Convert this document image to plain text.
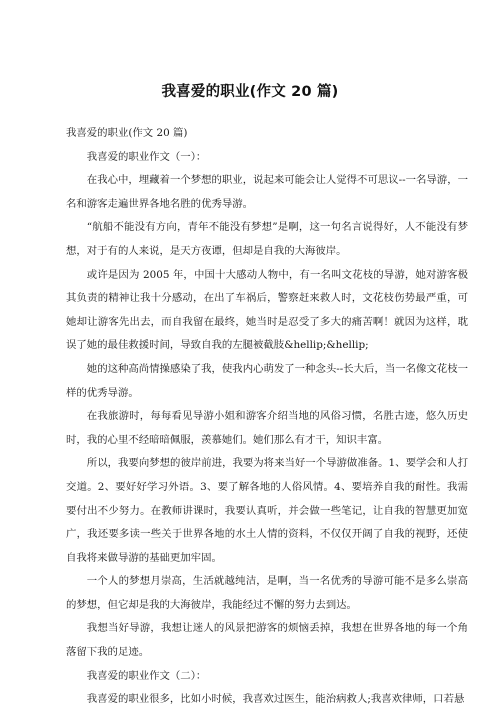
我喜爱的职业(作文 20 篇)

我喜爱的职业(作文 20 篇)

我喜爱的职业作文（一）：

在我心中，埋藏着一个梦想的职业，说起来可能会让人觉得不可思议--一名导游，一名和游客走遍世界各地名胜的优秀导游。

“航船不能没有方向，青年不能没有梦想”是啊，这一句名言说得好，人不能没有梦想，对于有的人来说，是天方夜谭，但却是自我的大海彼岸。

或许是因为 2005 年，中国十大感动人物中，有一名叫文花枝的导游，她对游客极其负责的精神让我十分感动，在出了车祸后，警察赶来救人时，文花枝伤势最严重，可她却让游客先出去，而自我留在最终，她当时是忍受了多大的痛苦啊！就因为这样，耽误了她的最佳救援时间，导致自我的左腿被截肢&hellip;&hellip;

她的这种高尚情操感染了我，使我内心萌发了一种念头--长大后，当一名像文花枝一样的优秀导游。

在我旅游时，每每看见导游小姐和游客介绍当地的风俗习惯，名胜古迹，悠久历史时，我的心里不经暗暗佩服，羡慕她们。她们那么有才干，知识丰富。

所以，我要向梦想的彼岸前进，我要为将来当好一个导游做准备。1、要学会和人打交道。2、要好好学习外语。3、要了解各地的人俗风情。4、要培养自我的耐性。我需要付出不少努力。在教师讲课时，我要认真听，并会做一些笔记，让自我的智慧更加宽广，我还要多读一些关于世界各地的水土人情的资料，不仅仅开阔了自我的视野，还使自我将来做导游的基础更加牢固。

一个人的梦想月崇高，生活就越纯洁，是啊，当一名优秀的导游可能不是多么崇高的梦想，但它却是我的大海彼岸，我能经过不懈的努力去到达。

我想当好导游，我想让迷人的风景把游客的烦恼丢掉，我想在世界各地的每一个角落留下我的足迹。

我喜爱的职业作文（二）：

我喜爱的职业很多，比如小时候，我喜欢过医生，能治病救人;我喜欢律师，口若悬
